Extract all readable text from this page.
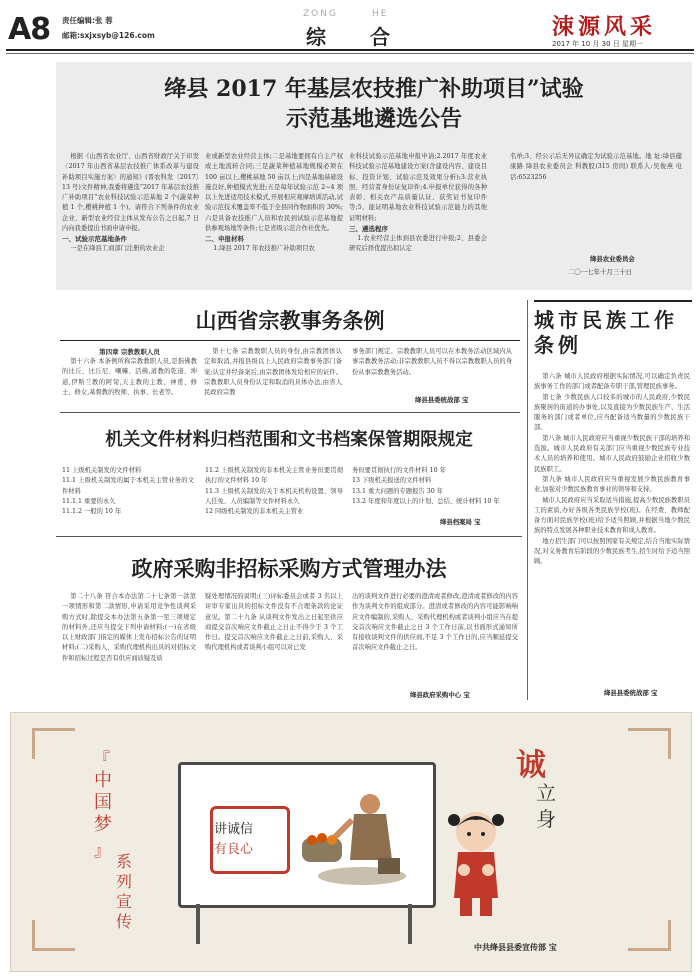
A8 责任编辑:张 蓉
邮箱:sxjxsyb@126.com
ZONG	HE
综 合	涑源风采
2017 年 10 月 30 日 星期一
绛县 2017 年基层农技推广补助项目”试验
示范基地遴选公告

根据《山西省农业厅、山西省财政厅关于印发〈2017 年山西省基层农技推广体系改革与建设补助项目实施方案〉的通知》(晋农科发〔2017〕13 号)文件精神,我委将遴选“2017 年基层农技推广补助项目”农业科技试验示范基地 2 个(蔬菜种植 1 个,樱桃种植 1 个)。请符合下列条件的农业企业、新型农业经营主体从发布公告之日起,7 日内向我委提出书面申请申报。

一、试验示范基地条件

一是在绛县工商部门注册的农业企

业或新型农业经营主体;二是基地要拥有自主产权或土地流转合同;三是蔬菜种植基地规模必须在 100 亩以上,樱桃基地 50 亩以上;四是基地基础设施良好,种植模式先进;五是每年试验示范 2~4 项以上先进适用技术模式,开展相应观摩培训活动,试验示范技术覆盖率不低于全县同作物面积的 30%;六是具备农技推广人员和农民到试验示范基地提供参观场地等条件;七是省级示范合作社优先。

二、申报材料

1.绛县 2017 年农技推广补助项目农

业科技试验示范基地申报申请;2.2017 年度农业科技试验示范基地建设方案(含建设内容、建设目标、投资计划、试验示范及效果分析);3.营业执照、经营者身份证复印件;4.申报单位获得的各种表彰、相关农产品质量认证、获奖证书复印件等;5、能证明基地农业科技试验示范能力的其他证明材料;

三、遴选程序

1.农业经营主体到县农委进行申报;2、县委会研究后择优提出拟认定

名单;3、经公示后无异议确定为试验示范基地。地 址:绛县健康路 绛县农业委员会 科教股(315 房间) 联系人:吴俊燕 电 话:6523256

绛县农业委员会
二〇一七年十月三十日
山西省宗教事务条例
第四章 宗教教职人员

第十六条 本条例所称宗教教职人员,是指佛教的比丘、比丘尼、喇嘛、活佛,道教的乾道、坤道,伊斯兰教的阿訇,天主教的主教、神甫、修士、修女,基督教的牧师、执事、长老等。

第十七条 宗教教职人员的身份,由宗教团体认定和取消,并报县级以上人民政府宗教事务部门备案;认定并经备案后,由宗教团体发给相应的证件。宗教教职人员身份认定和取消的具体办法,由省人民政府宗教

事务部门规定。宗教教职人员可以在本教务活动区域内从事宗教教务活动;非宗教教职人员不得以宗教教职人员的身份从事宗教教务活动。

绛县县委统战部 宝
城市民族工作条例

第六条 城市人民政府根据实际情况,可以确定负责民族事务工作的部门或者配备专职干部,管理民族事务。

第七条 少数民族人口较多的城市的人民政府,少数民族聚居的街道的办事处,以及直接为少数民族生产、生活服务的部门或者单位,应当配备适当数量的少数民族干部。

第八条 城市人民政府应当重视少数民族干部的培养和选拔。城市人民政府有关部门应当重视少数民族专业技术人员的培养和使用。城市人民政府鼓励企业招收少数民族职工。

第九条 城市人民政府应当重视发展少数民族教育事业,加强对少数民族教育事业的领导和支持。

城市人民政府应当采取适当措施,提高少数民族教职员工的素质,办好各级各类民族学校(班)。在经费、教师配备方面对民族学校(班)给予适当照顾,并根据当地少数民族的特点发展各种职业技术教育和成人教育。

地方招生部门可以按照国家有关规定,结合当地实际情况,对义务教育后阶段的少数民族考生,招生时给予适当照顾。

绛县县委统战部 宝
机关文件材料归档范围和文书档案保管期限规定
11 上级机关制发的文件材料
11.1 上级机关制发的属于本机关主管业务的文件材料
11.1.1 重要的永久
11.1.2 一般的 10 年
11.2 上级机关制发的非本机关主管业务但要贯彻执行的文件材料 10 年
11.3 上级机关制发的关于本机关机构设置、领导人任免、人员编制等文件材料永久
12 同级机关制发的非本机关主管业
务但要贯彻执行的文件材料 10 年
13 下级机关报送的文件材料
13.1 重大问题的专题报告 30 年
13.2 年度和年度以上的计划、总结、统计材料 10 年
绛县档案局 宝
政府采购非招标采购方式管理办法

第二十八条 符合本办法第二十七条第一款第一项情形和第二款情形,申请采用竞争性谈判采购方式时,除提交本办法第五条第一至三项规定的材料外,还应当提交下列申请材料:(一)在省级以上财政部门指定的媒体上发布招标公告的证明材料;(二)采购人、采购代理机构出具的对招标文件和招标过程是否有供应商质疑及质

疑处理情况的说明;(三)评标委员会或者 3 名以上评审专家出具的招标文件没有不合理条款的论证意见。第二十九条 从谈判文件发出之日起至供应商提交首次响应文件截止之日止不得少于 3 个工作日。提交首次响应文件截止之日前,采购人、采购代理机构或者谈判小组可以对已发

出的谈判文件进行必要的澄清或者修改,澄清或者修改的内容作为谈判文件的组成部分。澄清或者修改的内容可能影响响应文件编制的,采购人、采购代理机构或者谈判小组应当在提交首次响应文件截止之日 3 个工作日前,以书面形式通知所有接收谈判文件的供应商,不足 3 个工作日的,应当顺延提交首次响应文件截止之日。

绛县政府采购中心 宝
『
中国梦
』
系列宣传
讲诚信
有良心
诚
立身
中共绛县县委宣传部 宝
